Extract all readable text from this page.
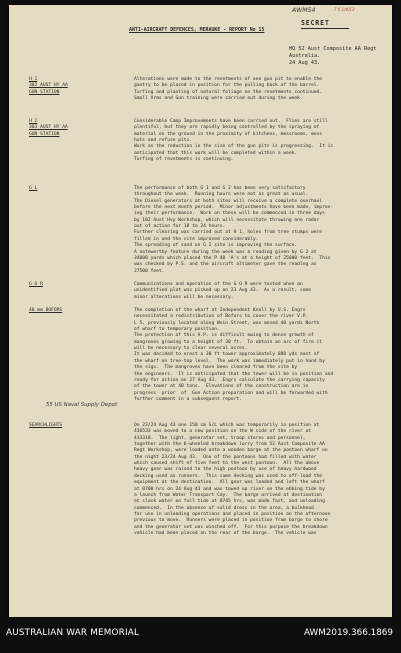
AWM54	7 6 1/4/13
SECRET
ANTI-AIRCRAFT DEFENCES, MERAUKE - REPORT No 15
HQ 52 Aust Composite AA Regt
Australia.
24 Aug 43.
H 1
382 AUST HY AA
GUN STATION
Alterations were made to the revetments of one gun pit to enable the
gantry to be placed in position for the pulling back of the barrel.
Turfing and planting of natural foliage on the revetments continued.
Small Arms and Gun training were carried out during the week.
H 2
383 AUST HY AA
GUN STATION
Considerable Camp Improvements have been carried out.  Flies are still
plentiful, but they are rapidly being controlled by the spraying of
material on the ground in the proximity of kitchens, messrooms, mess
huts and refuse pits.
Work on the reduction in the size of the gun pits is progressing.  It is
anticipated that this work will be completed within a week.
Turfing of revetments is continuing.
G L	The performance of both G 1 and G 2 has been very satisfactory
throughout the week.  Running hours were not as great as usual.
The Diesel generators at both sites will receive a complete overhaul
before the next month period.  Minor adjustments have been made, improv-
ing their performance.  Work on these will be commenced in three days
by 102 Aust Hvy Workshop, which will necessitate throwing one radar
out of action for 18 to 24 hours.
Further clearing was carried out at H 1, holes from tree stumps were
filled in and the site improved considerably.
The spreading of sand on G 2 site is improving the surface.
A noteworthy feature during the week was a reading given by G 2 at
34000 yards which placed the P 40 'A's at a height of 25000 feet.  This
was checked by P.S. and the aircraft altimeter gave the reading as
27500 feet.
G O R	Communications and operation of the G O R were tested when an
unidentified plot was picked up on 23 Aug 43.  As a result, some
minor alterations will be necessary.
40 mm BOFORS	The completion of the wharf at Independent Knoll by U.S. Engrs
necessitated a redistribution of Bofors to cover the river V.P.
L 5, previously located along Wein Street, was moved 40 yards North
of wharf to temporary position.
The protection of this V.P. is difficult owing to dense growth of
mangroves growing to a height of 30 ft.  To obtain an arc of fire it
will be necessary to clear several acres.
It was decided to erect a 30 ft tower approximately 800 yds east of
the wharf on tree-top level.  The work was immediately put in hand by
the sigs.  The mangroves have been cleared from the site by
the engineers.  It is anticipated that the tower will be in position and
ready for action on 27 Aug 43.  Engrs calculate the carrying capacity
of the tower at 40 tons.  Elevations of the construction are in
progress  prior  of  Gun Action preparation and will be forwarded with
further comment in a subsequent report.
SEARCHLIGHTS	On 23/24 Aug 43 one 150 cm S/L which was temporarily in position at
436533 was moved to a new position on the W side of the river at
413318.  The light, generator set, troop stores and personnel,
together with the 6-wheeled breakdown lorry from 52 Aust Composite AA
Regt Workshop, were loaded onto a wooden barge at the pontoon wharf on
the night 23/24 Aug 43.  One of the pontoons had filled with water
which caused shift of five feet to the west pontoon.  All the above
heavy gear was raised to the high pontoon by use of heavy hardwood
decking used as runners.  This same decking was used to off-load the
equipment at the destination.  All gear was loaded and left the wharf
at 0700 hrs on 24 Aug 43 and was towed up river on the ebbing tide by
a launch from Water Transport Coy.  The barge arrived at destination
at slack water on full tide at 0745 hrs, was made fast, and unloading
commenced.  In the absence of solid dress in the area, a bulkhead
for use in unloading operations and placed in position on the afternoon
previous to move.  Runners were placed in position from barge to shore
and the generator set was winched off.  For this purpose the breakdown
vehicle had been placed on the rear of the barge.  The vehicle was
55 US Naval Supply Depot
AUSTRALIAN WAR MEMORIAL	AWM2019.366.1869
